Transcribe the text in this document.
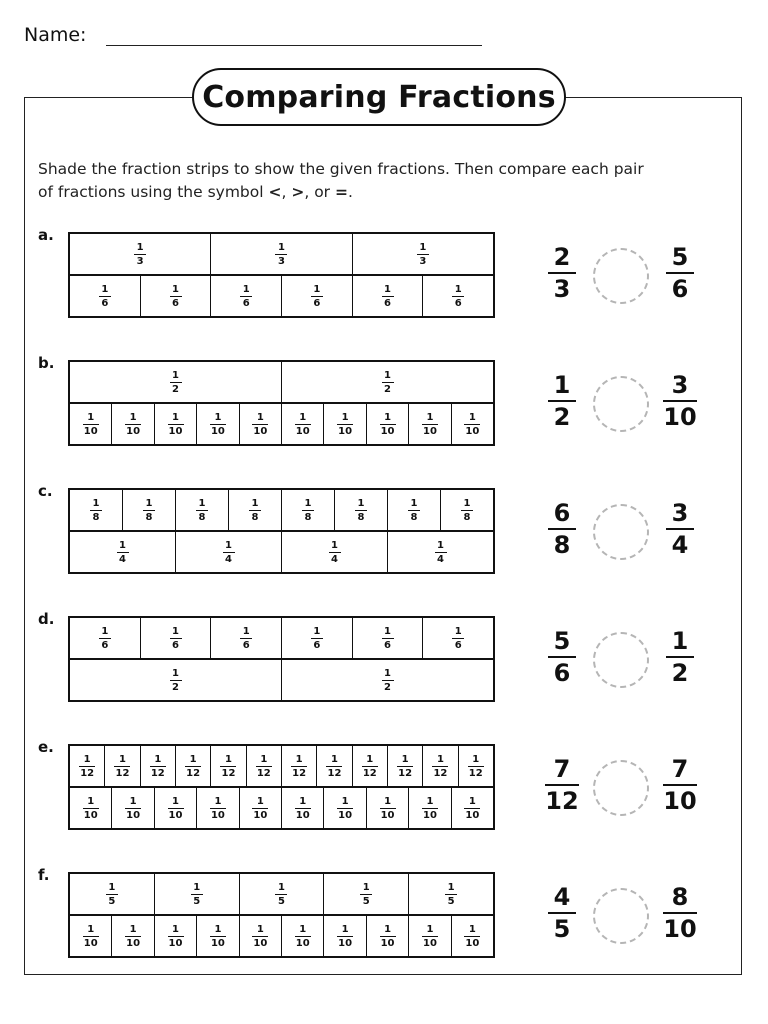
Name:
Comparing Fractions
Shade the fraction strips to show the given fractions. Then compare each pair
of fractions using the symbol <, >, or =.
a.
1
3
1
3
1
3
1
6
1
6
1
6
1
6
1
6
1
6
2
3
5
6
b.
1
2
1
2
1
10
1
10
1
10
1
10
1
10
1
10
1
10
1
10
1
10
1
10
1
2
3
10
c.
1
8
1
8
1
8
1
8
1
8
1
8
1
8
1
8
1
4
1
4
1
4
1
4
6
8
3
4
d.
1
6
1
6
1
6
1
6
1
6
1
6
1
2
1
2
5
6
1
2
e.
1
12
1
12
1
12
1
12
1
12
1
12
1
12
1
12
1
12
1
12
1
12
1
12
1
10
1
10
1
10
1
10
1
10
1
10
1
10
1
10
1
10
1
10
7
12
7
10
f.
1
5
1
5
1
5
1
5
1
5
1
10
1
10
1
10
1
10
1
10
1
10
1
10
1
10
1
10
1
10
4
5
8
10
